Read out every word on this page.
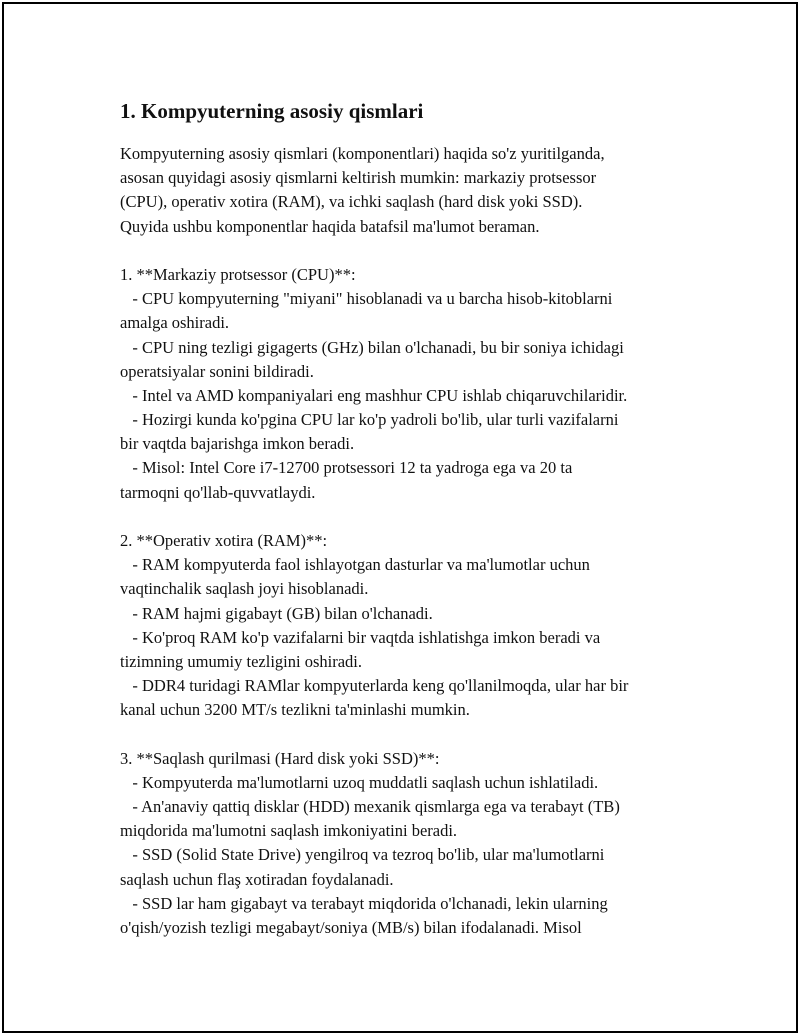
1. Kompyuterning asosiy qismlari
Kompyuterning asosiy qismlari (komponentlari) haqida so'z yuritilganda,
asosan quyidagi asosiy qismlarni keltirish mumkin: markaziy protsessor
(CPU), operativ xotira (RAM), va ichki saqlash (hard disk yoki SSD).
Quyida ushbu komponentlar haqida batafsil ma'lumot beraman.
1. **Markaziy protsessor (CPU)**:
- CPU kompyuterning "miyani" hisoblanadi va u barcha hisob-kitoblarni
amalga oshiradi.
- CPU ning tezligi gigagerts (GHz) bilan o'lchanadi, bu bir soniya ichidagi
operatsiyalar sonini bildiradi.
- Intel va AMD kompaniyalari eng mashhur CPU ishlab chiqaruvchilaridir.
- Hozirgi kunda ko'pgina CPU lar ko'p yadroli bo'lib, ular turli vazifalarni
bir vaqtda bajarishga imkon beradi.
- Misol: Intel Core i7-12700 protsessori 12 ta yadroga ega va 20 ta
tarmoqni qo'llab-quvvatlaydi.
2. **Operativ xotira (RAM)**:
- RAM kompyuterda faol ishlayotgan dasturlar va ma'lumotlar uchun
vaqtinchalik saqlash joyi hisoblanadi.
- RAM hajmi gigabayt (GB) bilan o'lchanadi.
- Ko'proq RAM ko'p vazifalarni bir vaqtda ishlatishga imkon beradi va
tizimning umumiy tezligini oshiradi.
- DDR4 turidagi RAMlar kompyuterlarda keng qo'llanilmoqda, ular har bir
kanal uchun 3200 MT/s tezlikni ta'minlashi mumkin.
3. **Saqlash qurilmasi (Hard disk yoki SSD)**:
- Kompyuterda ma'lumotlarni uzoq muddatli saqlash uchun ishlatiladi.
- An'anaviy qattiq disklar (HDD) mexanik qismlarga ega va terabayt (TB)
miqdorida ma'lumotni saqlash imkoniyatini beradi.
- SSD (Solid State Drive) yengilroq va tezroq bo'lib, ular ma'lumotlarni
saqlash uchun flaş xotiradan foydalanadi.
- SSD lar ham gigabayt va terabayt miqdorida o'lchanadi, lekin ularning
o'qish/yozish tezligi megabayt/soniya (MB/s) bilan ifodalanadi. Misol
